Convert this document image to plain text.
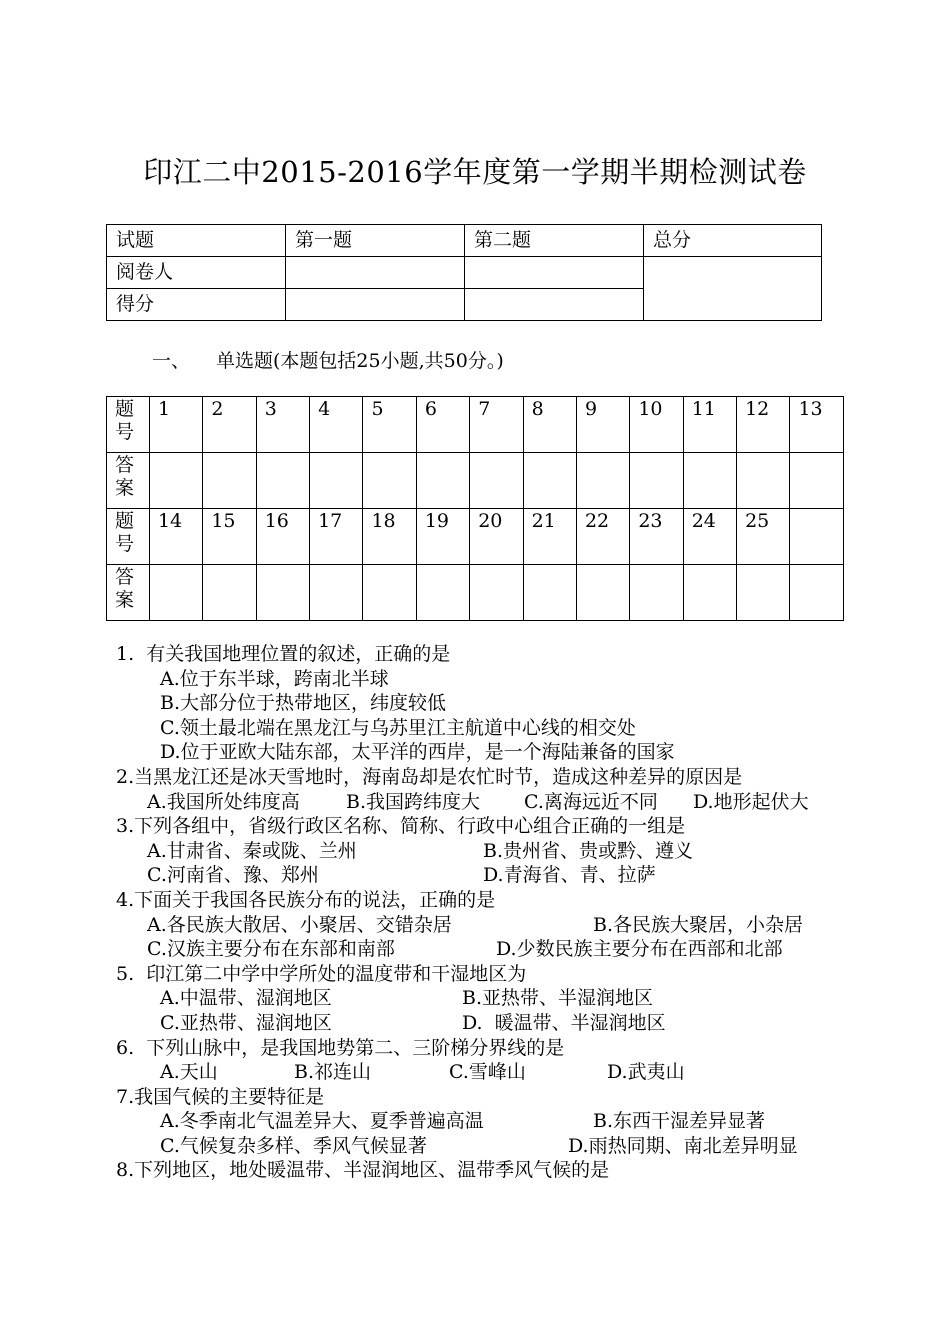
印江二中2015-2016学年度第一学期半期检测试卷
试题	第一题	第二题	总分
阅卷人			
得分			
一、 单选题(本题包括25小题,共50分。)
题
号	1	2	3	4	5	6	7	8	9	10	11	12	13
答
案													
题
号	14	15	16	17	18	19	20	21	22	23	24	25	
答
案													
1.  有关我国地理位置的叙述，正确的是
A.位于东半球，跨南北半球
B.大部分位于热带地区，纬度较低
C.领土最北端在黑龙江与乌苏里江主航道中心线的相交处
D.位于亚欧大陆东部，太平洋的西岸，是一个海陆兼备的国家
2.当黑龙江还是冰天雪地时，海南岛却是农忙时节，造成这种差异的原因是
A.我国所处纬度高 B.我国跨纬度大 C.离海远近不同 D.地形起伏大
3.下列各组中，省级行政区名称、简称、行政中心组合正确的一组是
A.甘肃省、秦或陇、兰州	B.贵州省、贵或黔、遵义
C.河南省、豫、郑州	D.青海省、青、拉萨
4.下面关于我国各民族分布的说法，正确的是
A.各民族大散居、小聚居、交错杂居	B.各民族大聚居，小杂居
C.汉族主要分布在东部和南部	D.少数民族主要分布在西部和北部
5.  印江第二中学中学所处的温度带和干湿地区为
A.中温带、湿润地区	B.亚热带、半湿润地区
C.亚热带、湿润地区	D.  暖温带、半湿润地区
6.  下列山脉中，是我国地势第二、三阶梯分界线的是
A.天山	B.祁连山	C.雪峰山	D.武夷山
7.我国气候的主要特征是
A.冬季南北气温差异大、夏季普遍高温	B.东西干湿差异显著
C.气候复杂多样、季风气候显著	D.雨热同期、南北差异明显
8.下列地区，地处暖温带、半湿润地区、温带季风气候的是
